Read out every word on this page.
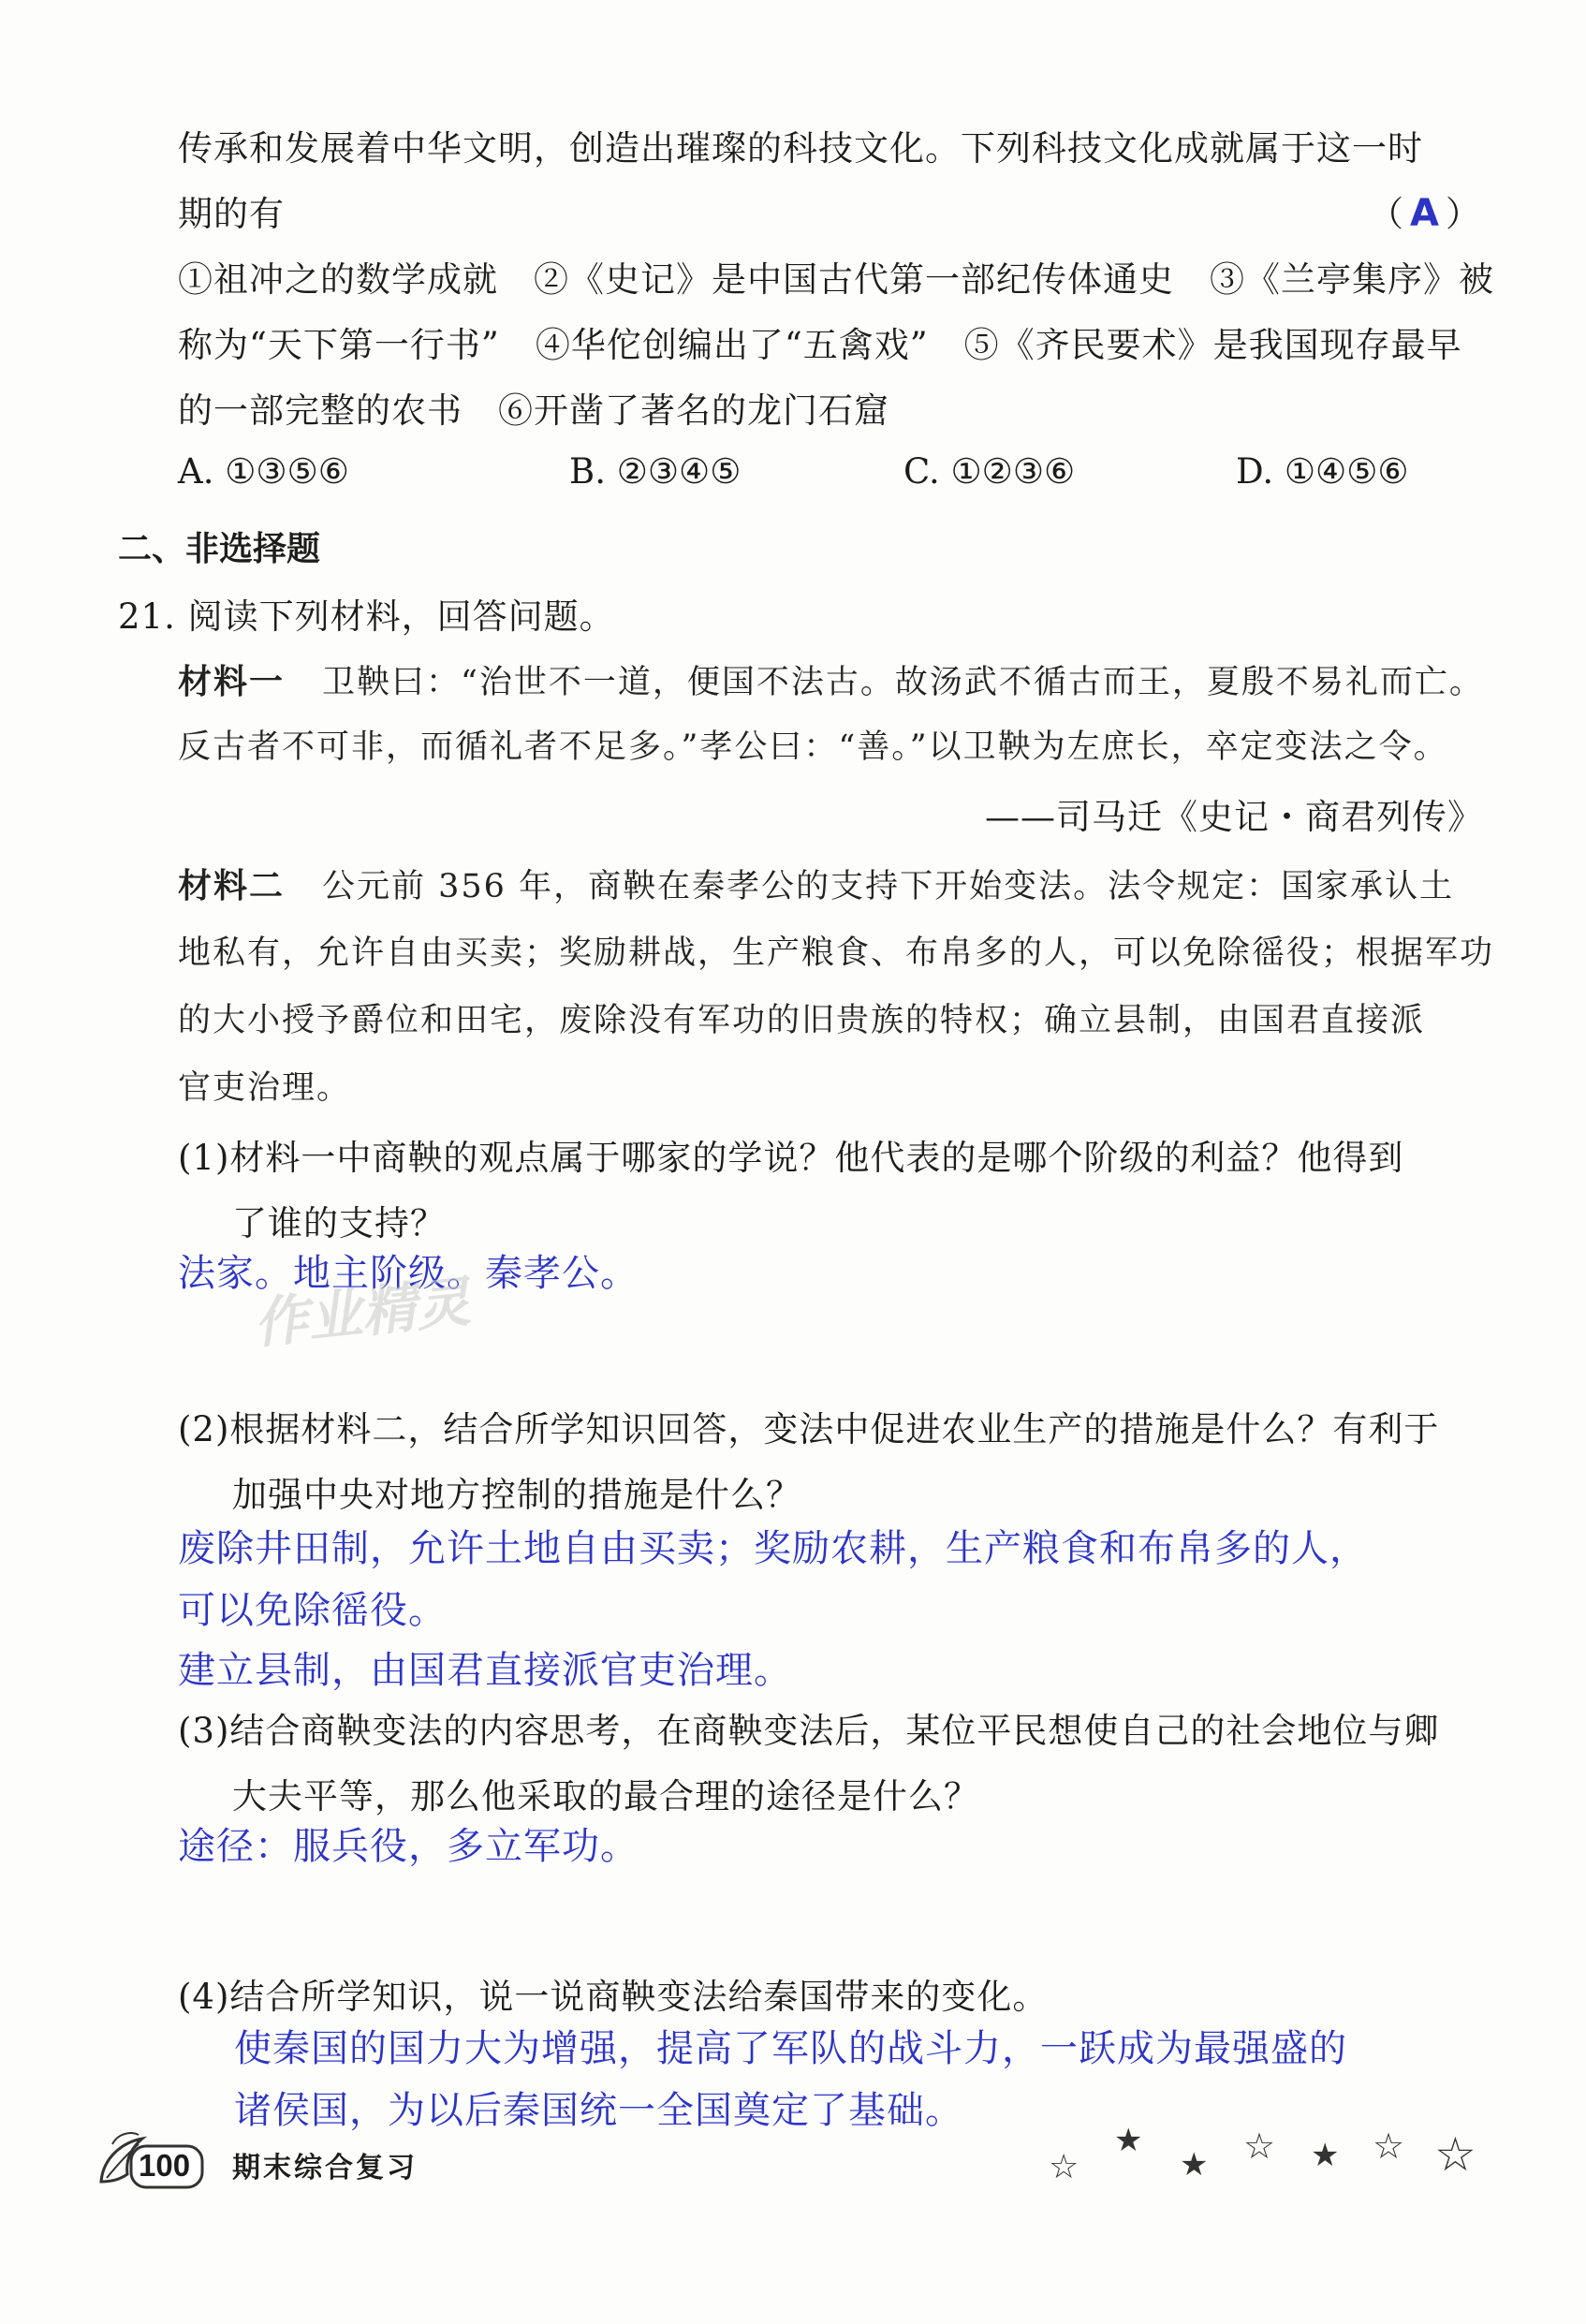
传承和发展着中华文明，创造出璀璨的科技文化。下列科技文化成就属于这一时
期的有	（ A ）
①祖冲之的数学成就　②《史记》是中国古代第一部纪传体通史　③《兰亭集序》被
称为“天下第一行书”　④华佗创编出了“五禽戏”　⑤《齐民要术》是我国现存最早
的一部完整的农书　⑥开凿了著名的龙门石窟
A. ①③⑤⑥	B. ②③④⑤	C. ①②③⑥	D. ①④⑤⑥
二、非选择题
21. 阅读下列材料，回答问题。
材料一 卫鞅曰：“治世不一道，便国不法古。故汤武不循古而王，夏殷不易礼而亡。
反古者不可非，而循礼者不足多。”孝公曰：“善。”以卫鞅为左庶长，卒定变法之令。
——司马迁《史记・商君列传》
材料二 公元前 356 年，商鞅在秦孝公的支持下开始变法。法令规定：国家承认土
地私有，允许自由买卖；奖励耕战，生产粮食、布帛多的人，可以免除徭役；根据军功
的大小授予爵位和田宅，废除没有军功的旧贵族的特权；确立县制，由国君直接派
官吏治理。
(1)材料一中商鞅的观点属于哪家的学说？他代表的是哪个阶级的利益？他得到
了谁的支持？
法家。地主阶级。秦孝公。
作业精灵
(2)根据材料二，结合所学知识回答，变法中促进农业生产的措施是什么？有利于
加强中央对地方控制的措施是什么？
废除井田制，允许土地自由买卖；奖励农耕，生产粮食和布帛多的人，
可以免除徭役。
建立县制，由国君直接派官吏治理。
(3)结合商鞅变法的内容思考，在商鞅变法后，某位平民想使自己的社会地位与卿
大夫平等，那么他采取的最合理的途径是什么？
途径：服兵役，多立军功。
(4)结合所学知识，说一说商鞅变法给秦国带来的变化。
使秦国的国力大为增强，提高了军队的战斗力，一跃成为最强盛的
诸侯国，为以后秦国统一全国奠定了基础。
100 期末综合复习	☆
★
★ ☆ ★ ☆ ☆
